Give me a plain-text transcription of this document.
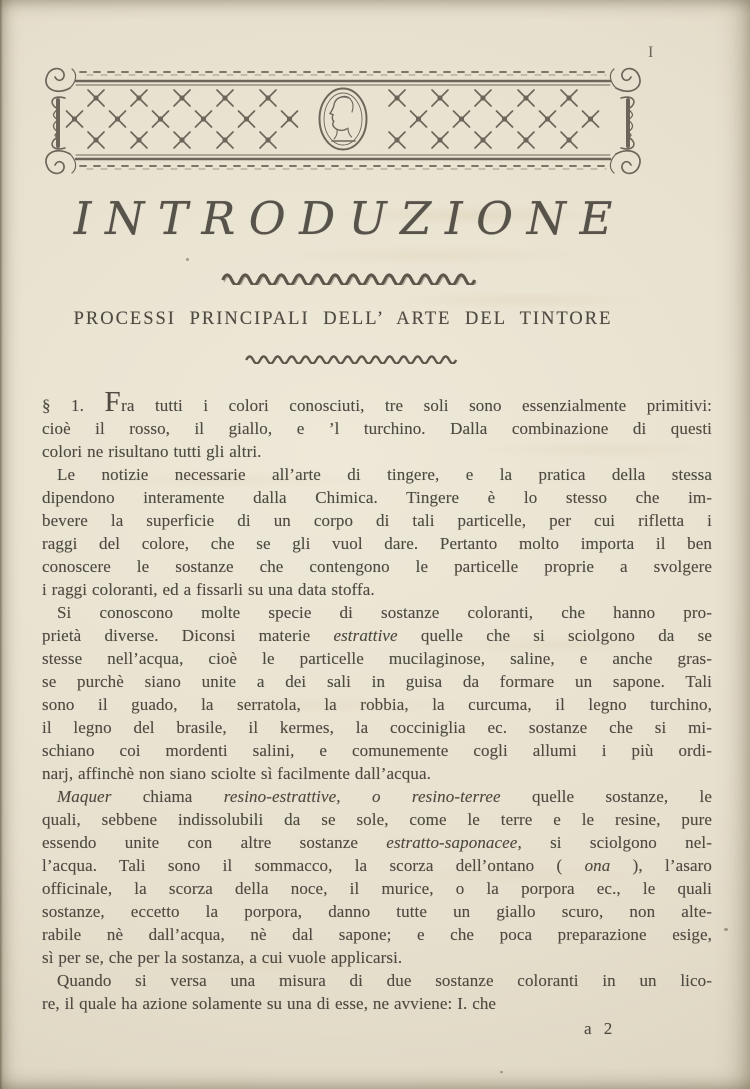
I
INTRODUZIONE
PROCESSI PRINCIPALI DELL’ ARTE DEL TINTORE
§ 1. Fra tutti i colori conosciuti, tre soli sono essenzialmente primitivi:
cioè il rosso, il giallo, e ’l turchino. Dalla combinazione di questi
colori ne risultano tutti gli altri.
Le notizie necessarie all’arte di tingere, e la pratica della stessa
dipendono interamente dalla Chimica. Tingere è lo stesso che im-
bevere la superficie di un corpo di tali particelle, per cui rifletta i
raggi del colore, che se gli vuol dare. Pertanto molto importa il ben
conoscere le sostanze che contengono le particelle proprie a svolgere
i raggi coloranti, ed a fissarli su una data stoffa.
Si conoscono molte specie di sostanze coloranti, che hanno pro-
prietà diverse. Diconsi materie estrattive quelle che si sciolgono da se
stesse nell’acqua, cioè le particelle mucilaginose, saline, e anche gras-
se purchè siano unite a dei sali in guisa da formare un sapone. Tali
sono il guado, la serratola, la robbia, la curcuma, il legno turchino,
il legno del brasile, il kermes, la cocciniglia ec. sostanze che si mi-
schiano coi mordenti salini, e comunemente cogli allumi i più ordi-
narj, affinchè non siano sciolte sì facilmente dall’acqua.
Maquer chiama resino-estrattive, o resino-terree quelle sostanze, le
quali, sebbene indissolubili da se sole, come le terre e le resine, pure
essendo unite con altre sostanze estratto-saponacee, si sciolgono nel-
l’acqua. Tali sono il sommacco, la scorza dell’ontano ( ona ), l’asaro
officinale, la scorza della noce, il murice, o la porpora ec., le quali
sostanze, eccetto la porpora, danno tutte un giallo scuro, non alte-
rabile nè dall’acqua, nè dal sapone; e che poca preparazione esige,
sì per se, che per la sostanza, a cui vuole applicarsi.
Quando si versa una misura di due sostanze coloranti in un lico-
re, il quale ha azione solamente su una di esse, ne avviene: I. che
a 2
